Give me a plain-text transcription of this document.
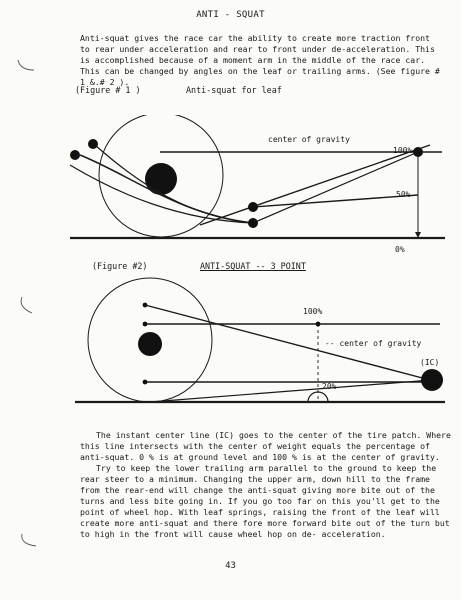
ANTI - SQUAT

Anti-squat gives the race car the ability to create more traction front to rear under acceleration and rear to front under de-acceleration. This is accomplished because of a moment arm in the middle of the race car. This can be changed by angles on the leaf or trailing arms. (See figure # 1 &.# 2 ).

(Figure # 1 )	Anti-squat for leaf
center of gravity
100%
50%
0%
(Figure #2)	ANTI-SQUAT -- 3 POINT
100%
-- center of gravity
(IC)
20%

The instant center line (IC) goes to the center of the tire patch. Where this line intersects with the center of weight equals the percentage of anti-squat. 0 % is at ground level and 100 % is at the center of gravity.

Try to keep the lower trailing arm parallel to the ground to keep the rear steer to a minimum. Changing the upper arm, down hill to the frame from the rear-end will change the anti-squat giving more bite out of the turns and less bite going in. If you go too far on this you'll get to the point of wheel hop. With leaf springs, raising the front of the leaf will create more anti-squat and there fore more forward bite out of the turn but to high in the front will cause wheel hop on de- acceleration.

43
